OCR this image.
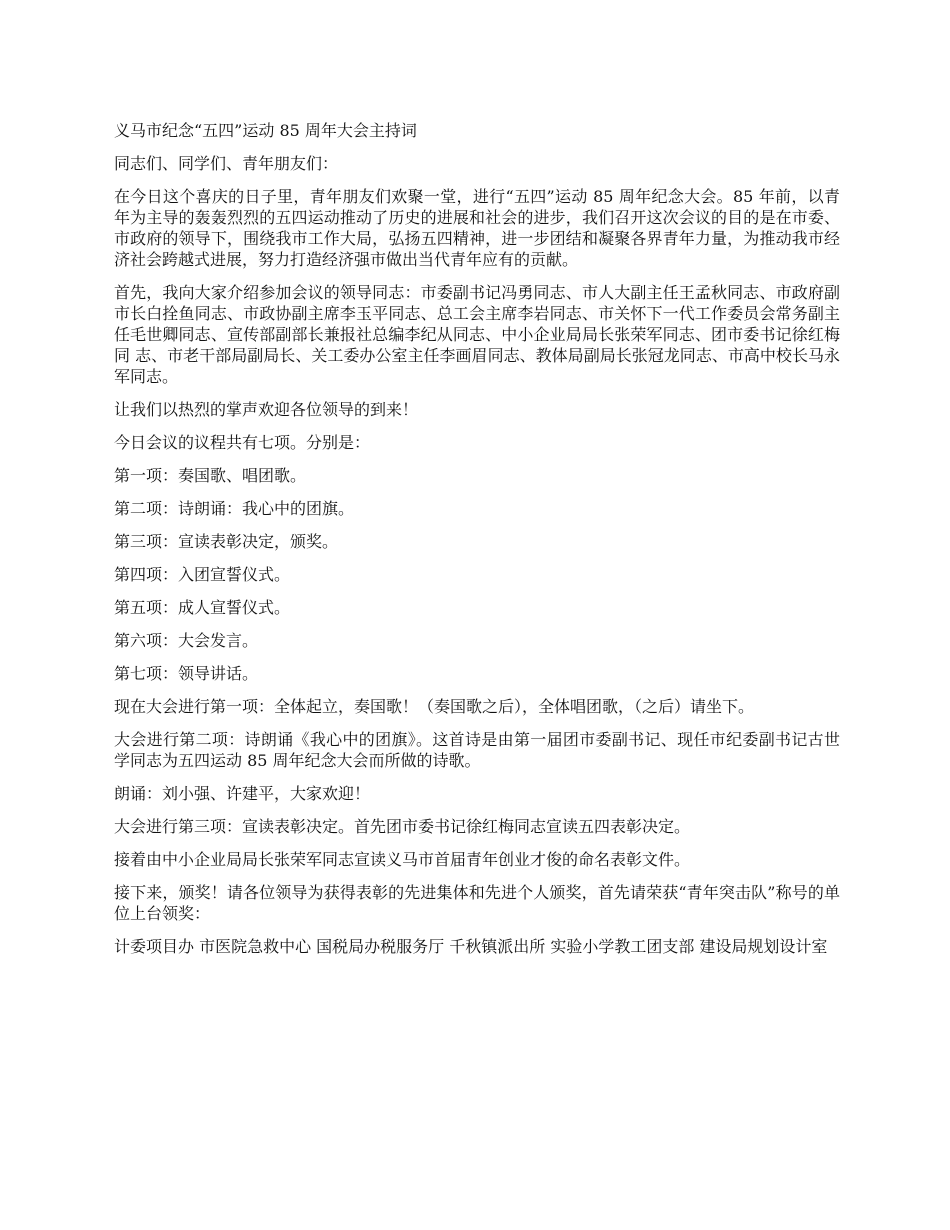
义马市纪念“五四”运动 85 周年大会主持词

同志们、同学们、青年朋友们：

在今日这个喜庆的日子里，青年朋友们欢聚一堂，进行“五四”运动 85 周年纪念大会。85 年前，以青年为主导的轰轰烈烈的五四运动推动了历史的进展和社会的进步，我们召开这次会议的目的是在市委、市政府的领导下，围绕我市工作大局，弘扬五四精神，进一步团结和凝聚各界青年力量，为推动我市经济社会跨越式进展，努力打造经济强市做出当代青年应有的贡献。

首先，我向大家介绍参加会议的领导同志：市委副书记冯勇同志、市人大副主任王孟秋同志、市政府副市长白拴鱼同志、市政协副主席李玉平同志、总工会主席李岩同志、市关怀下一代工作委员会常务副主任毛世卿同志、宣传部副部长兼报社总编李纪从同志、中小企业局局长张荣军同志、团市委书记徐红梅同 志、市老干部局副局长、关工委办公室主任李画眉同志、教体局副局长张冠龙同志、市高中校长马永军同志。

让我们以热烈的掌声欢迎各位领导的到来！

今日会议的议程共有七项。分别是：

第一项：奏国歌、唱团歌。

第二项：诗朗诵：我心中的团旗。

第三项：宣读表彰决定，颁奖。

第四项：入团宣誓仪式。

第五项：成人宣誓仪式。

第六项：大会发言。

第七项：领导讲话。

现在大会进行第一项：全体起立，奏国歌！（奏国歌之后），全体唱团歌，（之后）请坐下。

大会进行第二项：诗朗诵《我心中的团旗》。这首诗是由第一届团市委副书记、现任市纪委副书记古世学同志为五四运动 85 周年纪念大会而所做的诗歌。

朗诵：刘小强、许建平，大家欢迎！

大会进行第三项：宣读表彰决定。首先团市委书记徐红梅同志宣读五四表彰决定。

接着由中小企业局局长张荣军同志宣读义马市首届青年创业才俊的命名表彰文件。

接下来，颁奖！请各位领导为获得表彰的先进集体和先进个人颁奖，首先请荣获“青年突击队”称号的单位上台领奖：

计委项目办 市医院急救中心 国税局办税服务厅 千秋镇派出所 实验小学教工团支部 建设局规划设计室
